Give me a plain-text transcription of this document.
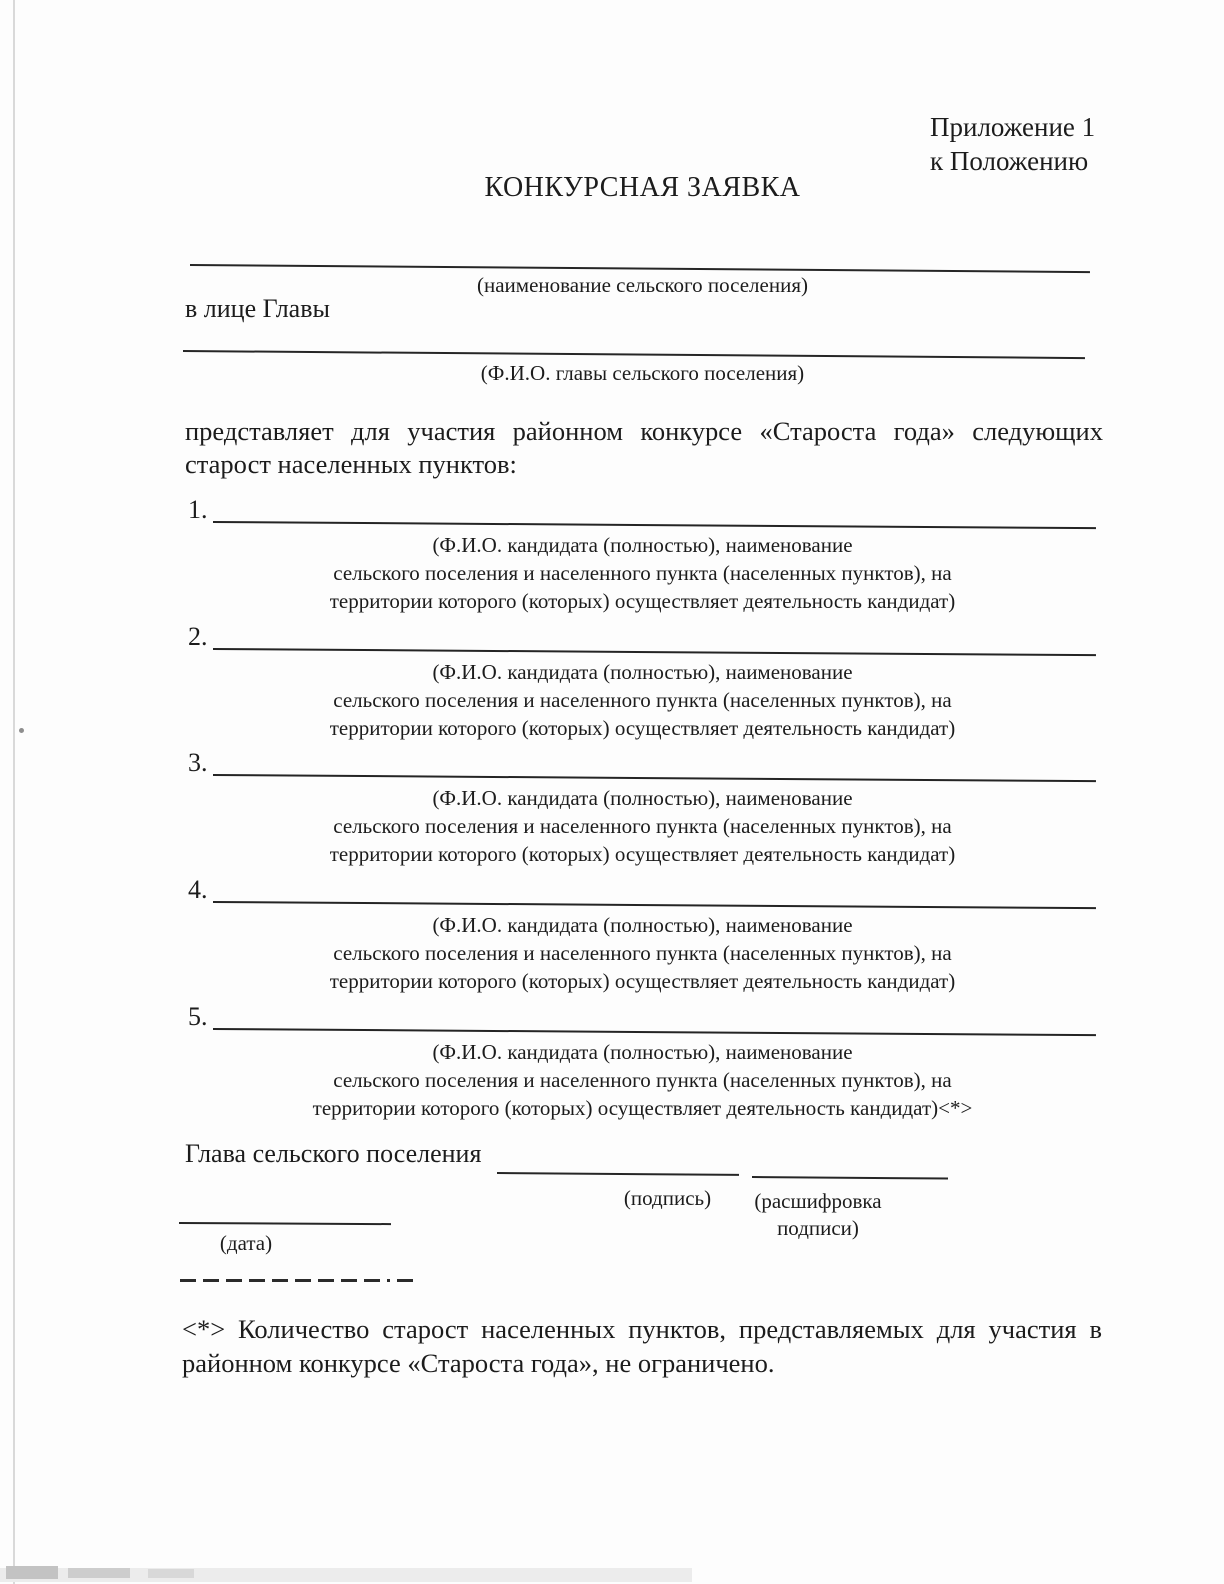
Приложение 1
к Положению
КОНКУРСНАЯ ЗАЯВКА
(наименование сельского поселения)
в лице Главы
(Ф.И.О. главы сельского поселения)

представляет для участия районном конкурсе «Староста года» следующих старост населенных пунктов:

1.
(Ф.И.О. кандидата (полностью), наименование
сельского поселения и населенного пункта (населенных пунктов), на
территории которого (которых) осуществляет деятельность кандидат)
2.
(Ф.И.О. кандидата (полностью), наименование
сельского поселения и населенного пункта (населенных пунктов), на
территории которого (которых) осуществляет деятельность кандидат)
3.
(Ф.И.О. кандидата (полностью), наименование
сельского поселения и населенного пункта (населенных пунктов), на
территории которого (которых) осуществляет деятельность кандидат)
4.
(Ф.И.О. кандидата (полностью), наименование
сельского поселения и населенного пункта (населенных пунктов), на
территории которого (которых) осуществляет деятельность кандидат)
5.
(Ф.И.О. кандидата (полностью), наименование
сельского поселения и населенного пункта (населенных пунктов), на
территории которого (которых) осуществляет деятельность кандидат)<*>
Глава сельского поселения
(подпись)	(расшифровка подписи)
(дата)

<*> Количество старост населенных пунктов, представляемых для участия в районном конкурсе «Староста года», не ограничено.
